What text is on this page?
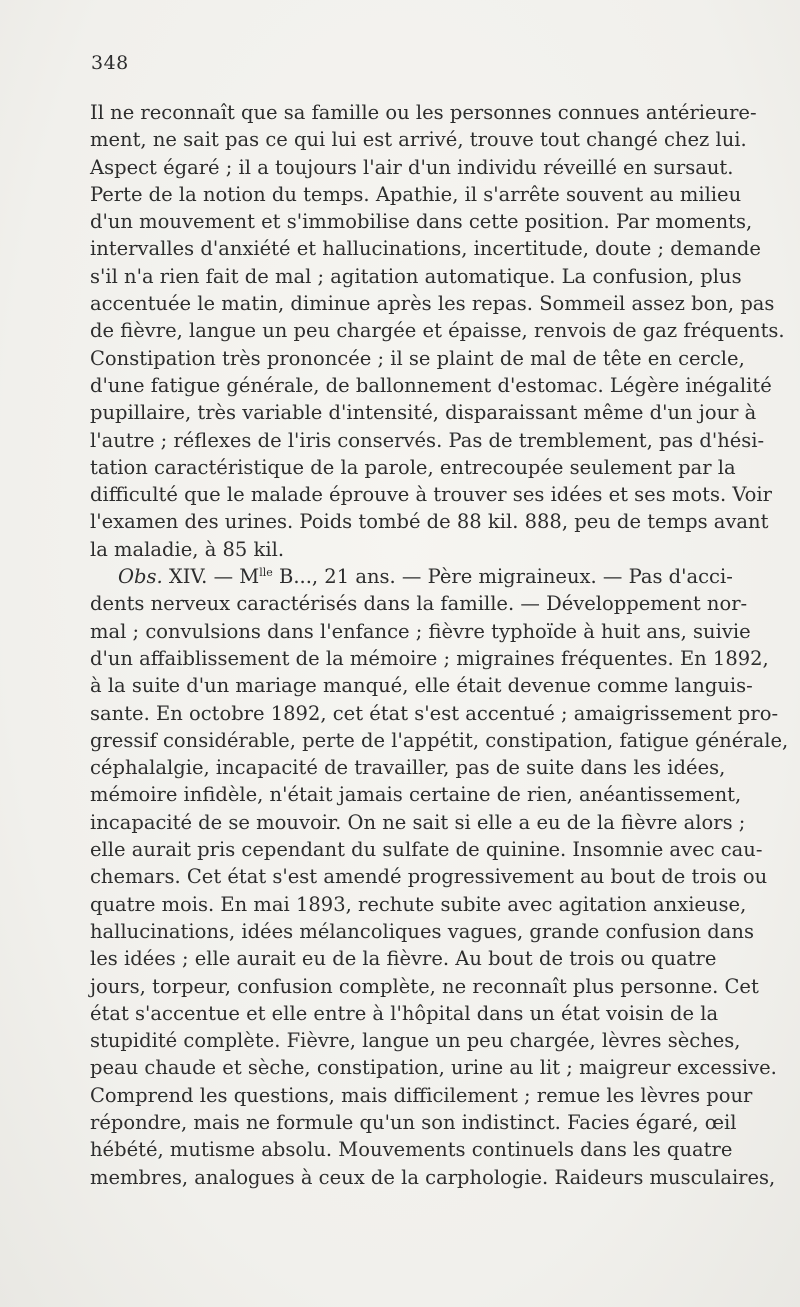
348
Il ne reconnaît que sa famille ou les personnes connues antérieure-
ment, ne sait pas ce qui lui est arrivé, trouve tout changé chez lui.
Aspect égaré ; il a toujours l'air d'un individu réveillé en sursaut.
Perte de la notion du temps. Apathie, il s'arrête souvent au milieu
d'un mouvement et s'immobilise dans cette position. Par moments,
intervalles d'anxiété et hallucinations, incertitude, doute ; demande
s'il n'a rien fait de mal ; agitation automatique. La confusion, plus
accentuée le matin, diminue après les repas. Sommeil assez bon, pas
de fièvre, langue un peu chargée et épaisse, renvois de gaz fréquents.
Constipation très prononcée ; il se plaint de mal de tête en cercle,
d'une fatigue générale, de ballonnement d'estomac. Légère inégalité
pupillaire, très variable d'intensité, disparaissant même d'un jour à
l'autre ; réflexes de l'iris conservés. Pas de tremblement, pas d'hési-
tation caractéristique de la parole, entrecoupée seulement par la
difficulté que le malade éprouve à trouver ses idées et ses mots. Voir
l'examen des urines. Poids tombé de 88 kil. 888, peu de temps avant
la maladie, à 85 kil.
Obs. XIV. — $M^{lle}$ B..., 21 ans. — Père migraineux. — Pas d'acci-
dents nerveux caractérisés dans la famille. — Développement nor-
mal ; convulsions dans l'enfance ; fièvre typhoïde à huit ans, suivie
d'un affaiblissement de la mémoire ; migraines fréquentes. En 1892,
à la suite d'un mariage manqué, elle était devenue comme languis-
sante. En octobre 1892, cet état s'est accentué ; amaigrissement pro-
gressif considérable, perte de l'appétit, constipation, fatigue générale,
céphalalgie, incapacité de travailler, pas de suite dans les idées,
mémoire infidèle, n'était jamais certaine de rien, anéantissement,
incapacité de se mouvoir. On ne sait si elle a eu de la fièvre alors ;
elle aurait pris cependant du sulfate de quinine. Insomnie avec cau-
chemars. Cet état s'est amendé progressivement au bout de trois ou
quatre mois. En mai 1893, rechute subite avec agitation anxieuse,
hallucinations, idées mélancoliques vagues, grande confusion dans
les idées ; elle aurait eu de la fièvre. Au bout de trois ou quatre
jours, torpeur, confusion complète, ne reconnaît plus personne. Cet
état s'accentue et elle entre à l'hôpital dans un état voisin de la
stupidité complète. Fièvre, langue un peu chargée, lèvres sèches,
peau chaude et sèche, constipation, urine au lit ; maigreur excessive.
Comprend les questions, mais difficilement ; remue les lèvres pour
répondre, mais ne formule qu'un son indistinct. Facies égaré, œil
hébété, mutisme absolu. Mouvements continuels dans les quatre
membres, analogues à ceux de la carphologie. Raideurs musculaires,
